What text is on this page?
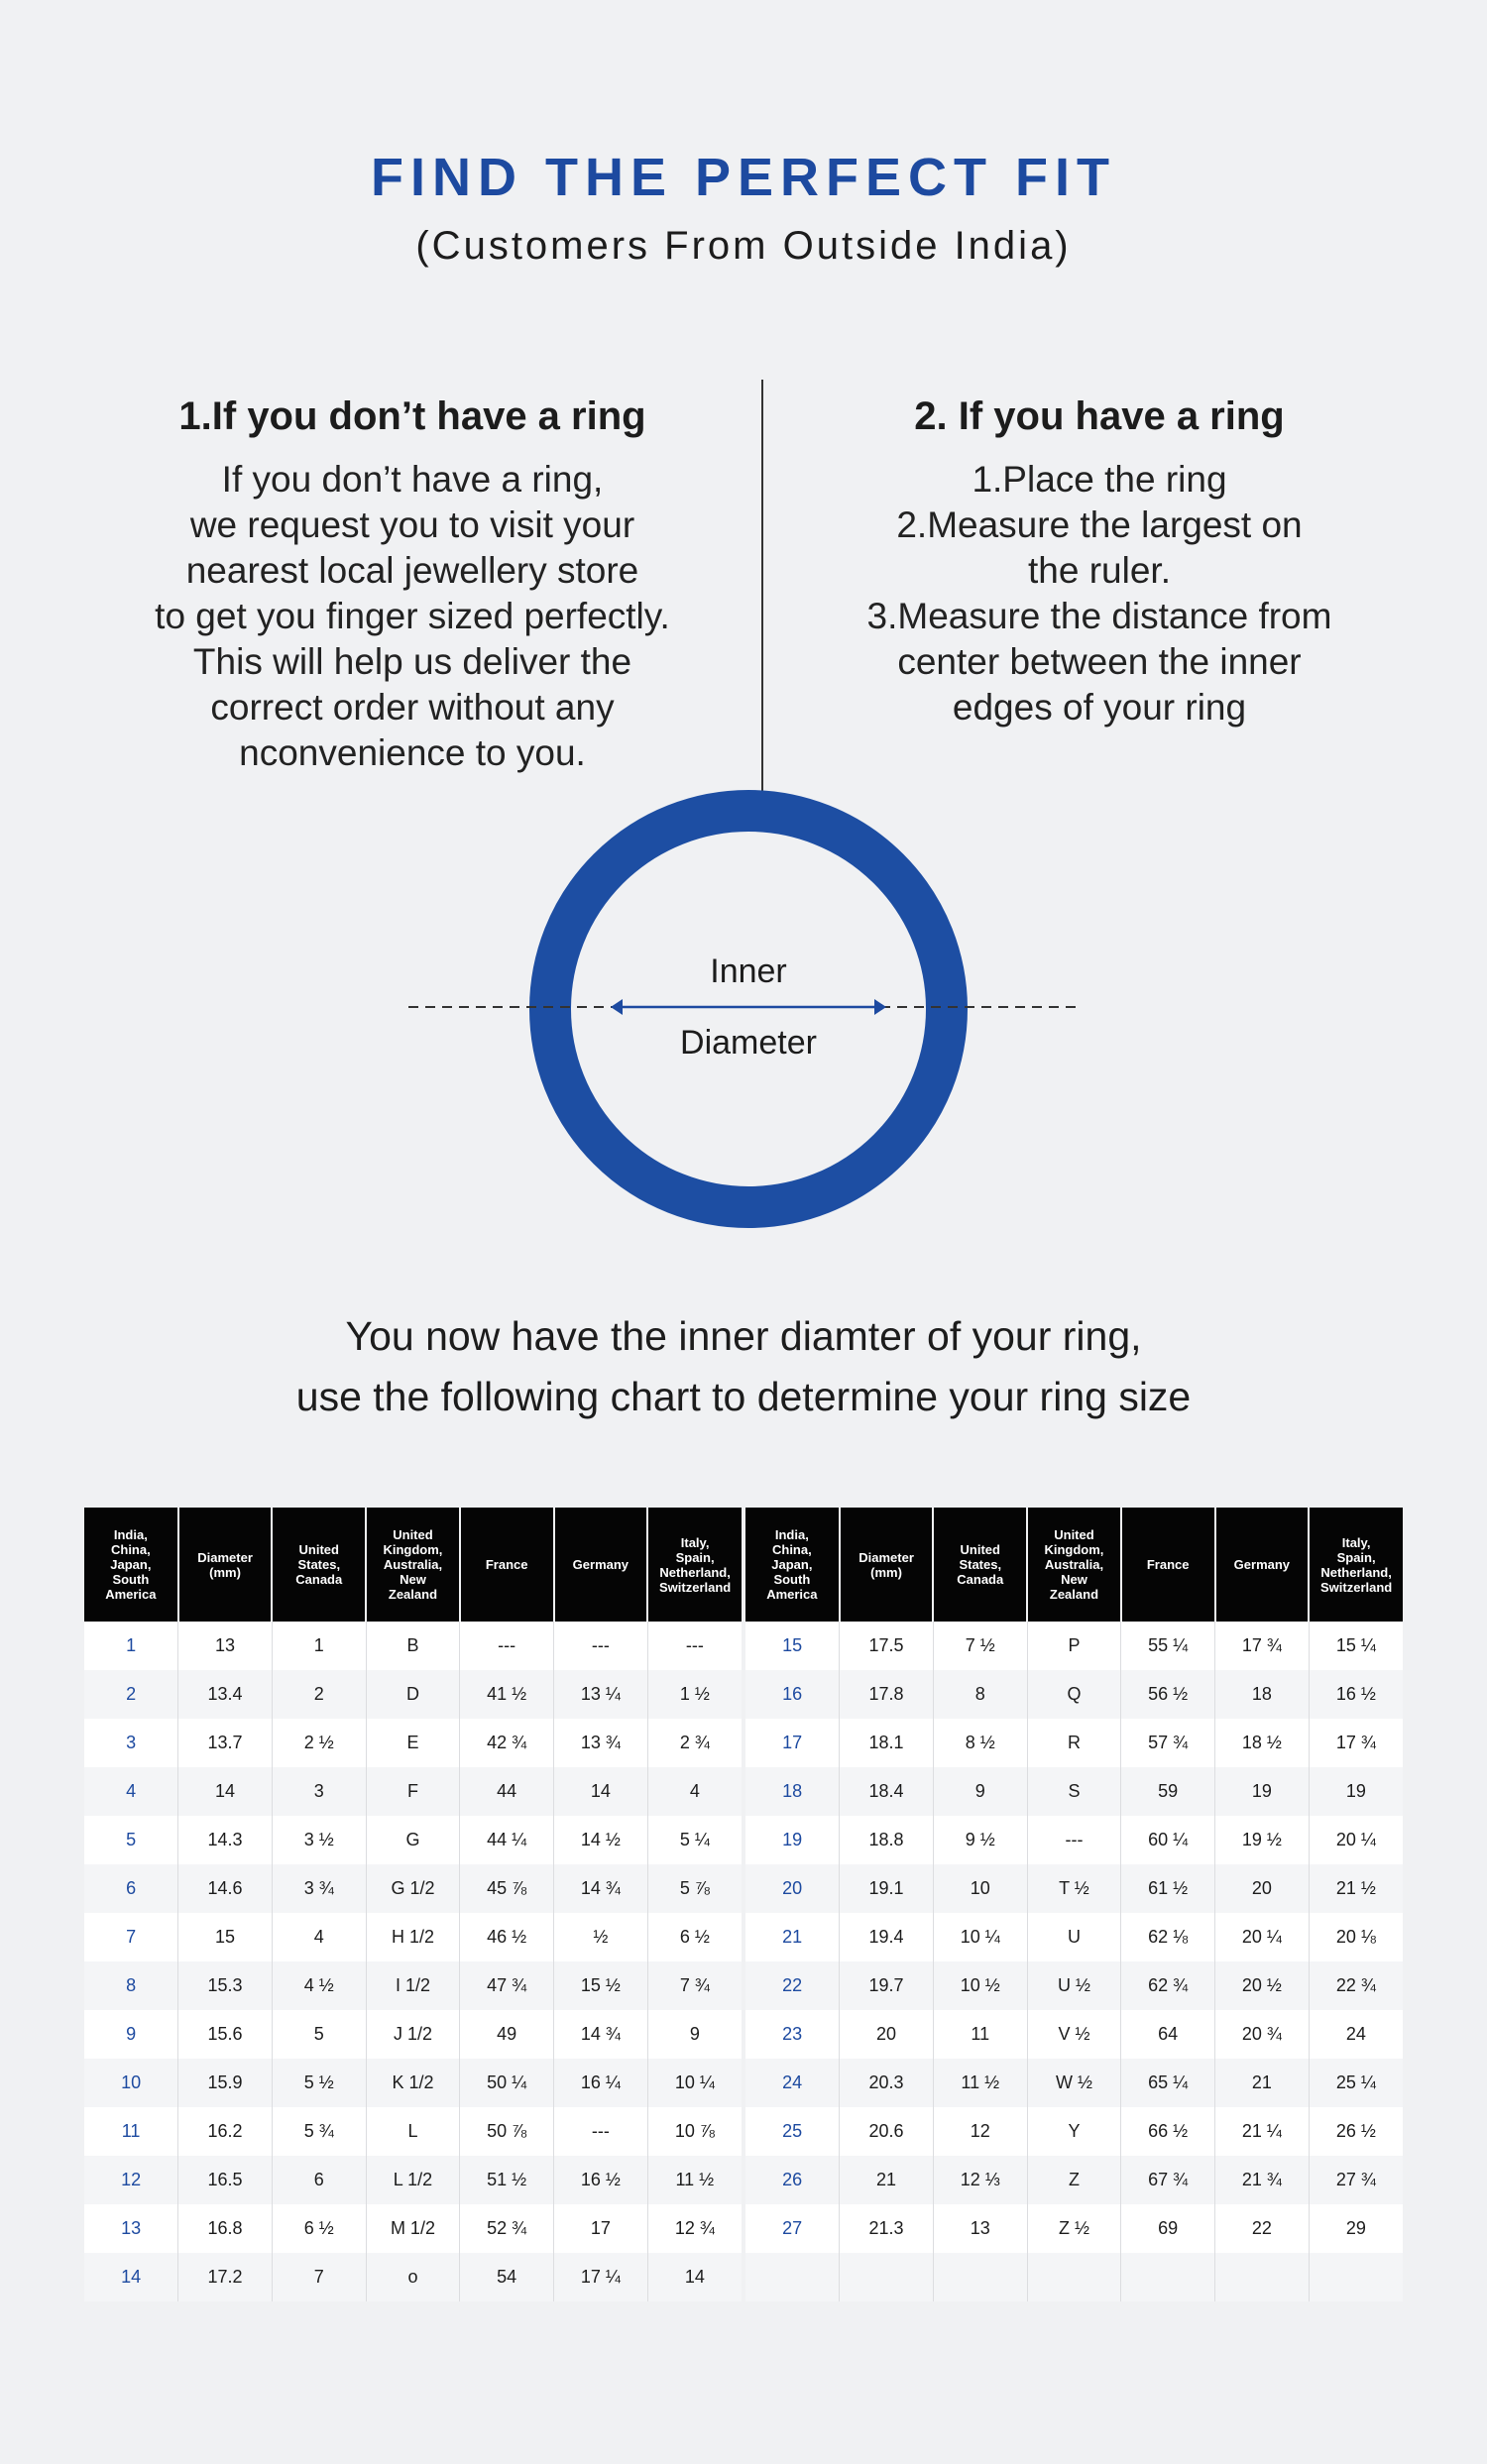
FIND THE PERFECT FIT

(Customers From Outside India)

1.If you don’t have a ring

If you don’t have a ring,
we request you to visit your
nearest local jewellery store
to get you finger sized perfectly.
This will help us deliver the
correct order without any
nconvenience to you.

2. If you have a ring

1.Place the ring
2.Measure the largest on
the ruler.
3.Measure the distance from
center between the inner
edges of your ring

Inner
Diameter

You now have the inner diamter of your ring,
use the following chart to determine your ring size

India,
China,
Japan,
South
America	Diameter
(mm)	United
States,
Canada	United
Kingdom,
Australia,
New
Zealand	France	Germany	Italy,
Spain,
Netherland,
Switzerland

1	13	1	B	---	---	---
2	13.4	2	D	41 ½	13 ¼	1 ½
3	13.7	2 ½	E	42 ¾	13 ¾	2 ¾
4	14	3	F	44	14	4
5	14.3	3 ½	G	44 ¼	14 ½	5 ¼
6	14.6	3 ¾	G 1/2	45 ⅞	14 ¾	5 ⅞
7	15	4	H 1/2	46 ½	½	6 ½
8	15.3	4 ½	I 1/2	47 ¾	15 ½	7 ¾
9	15.6	5	J 1/2	49	14 ¾	9
10	15.9	5 ½	K 1/2	50 ¼	16 ¼	10 ¼
11	16.2	5 ¾	L	50 ⅞	---	10 ⅞
12	16.5	6	L 1/2	51 ½	16 ½	11 ½
13	16.8	6 ½	M 1/2	52 ¾	17	12 ¾
14	17.2	7	o	54	17 ¼	14
India,
China,
Japan,
South
America	Diameter
(mm)	United
States,
Canada	United
Kingdom,
Australia,
New
Zealand	France	Germany	Italy,
Spain,
Netherland,
Switzerland

15	17.5	7 ½	P	55 ¼	17 ¾	15 ¼
16	17.8	8	Q	56 ½	18	16 ½
17	18.1	8 ½	R	57 ¾	18 ½	17 ¾
18	18.4	9	S	59	19	19
19	18.8	9 ½	---	60 ¼	19 ½	20 ¼
20	19.1	10	T ½	61 ½	20	21 ½
21	19.4	10 ¼	U	62 ⅛	20 ¼	20 ⅛
22	19.7	10 ½	U ½	62 ¾	20 ½	22 ¾
23	20	11	V ½	64	20 ¾	24
24	20.3	11 ½	W ½	65 ¼	21	25 ¼
25	20.6	12	Y	66 ½	21 ¼	26 ½
26	21	12 ⅓	Z	67 ¾	21 ¾	27 ¾
27	21.3	13	Z ½	69	22	29
